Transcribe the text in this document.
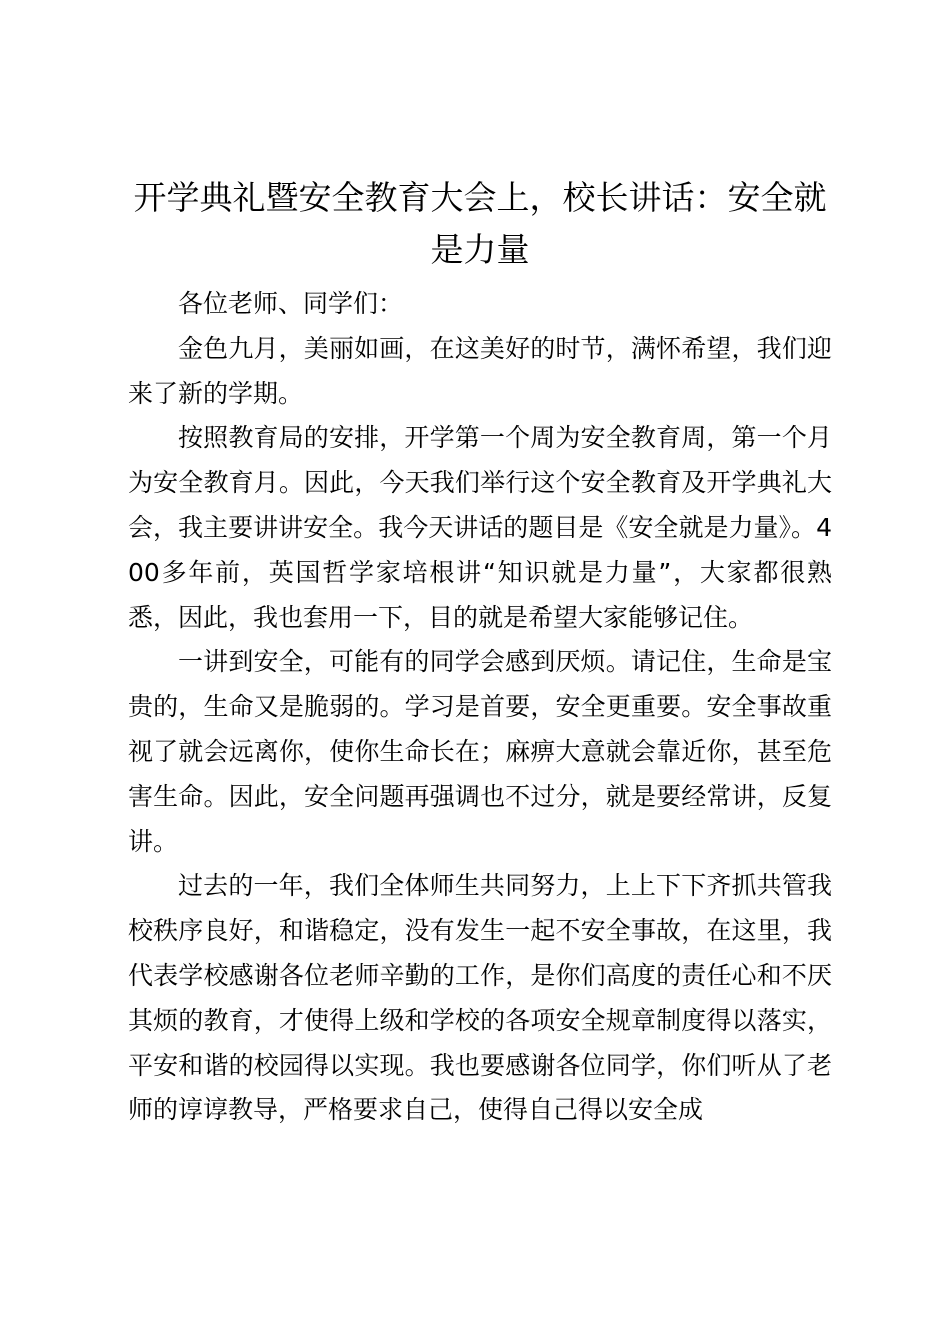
开学典礼暨安全教育大会上，校长讲话：安全就是力量

各位老师、同学们：

金色九月，美丽如画，在这美好的时节，满怀希望，我们迎来了新的学期。

按照教育局的安排，开学第一个周为安全教育周，第一个月为安全教育月。因此，今天我们举行这个安全教育及开学典礼大会，我主要讲讲安全。我今天讲话的题目是《安全就是力量》。400多年前，英国哲学家培根讲“知识就是力量”，大家都很熟悉，因此，我也套用一下，目的就是希望大家能够记住。

一讲到安全，可能有的同学会感到厌烦。请记住，生命是宝贵的，生命又是脆弱的。学习是首要，安全更重要。安全事故重视了就会远离你，使你生命长在；麻痹大意就会靠近你，甚至危害生命。因此，安全问题再强调也不过分，就是要经常讲，反复讲。

过去的一年，我们全体师生共同努力，上上下下齐抓共管我校秩序良好，和谐稳定，没有发生一起不安全事故，在这里，我代表学校感谢各位老师辛勤的工作，是你们高度的责任心和不厌其烦的教育，才使得上级和学校的各项安全规章制度得以落实，平安和谐的校园得以实现。我也要感谢各位同学，你们听从了老师的谆谆教导，严格要求自己，使得自己得以安全成
